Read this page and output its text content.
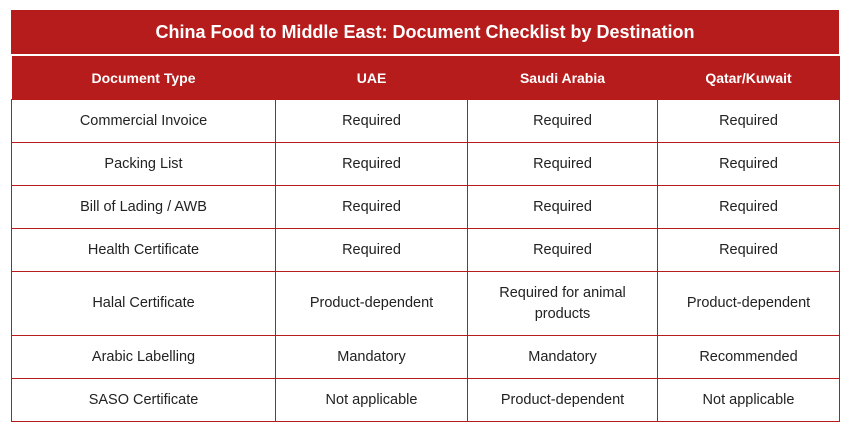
China Food to Middle East: Document Checklist by Destination
Document Type	UAE	Saudi Arabia	Qatar/Kuwait
Commercial Invoice	Required	Required	Required
Packing List	Required	Required	Required
Bill of Lading / AWB	Required	Required	Required
Health Certificate	Required	Required	Required
Halal Certificate	Product-dependent	Required for animal products	Product-dependent
Arabic Labelling	Mandatory	Mandatory	Recommended
SASO Certificate	Not applicable	Product-dependent	Not applicable
